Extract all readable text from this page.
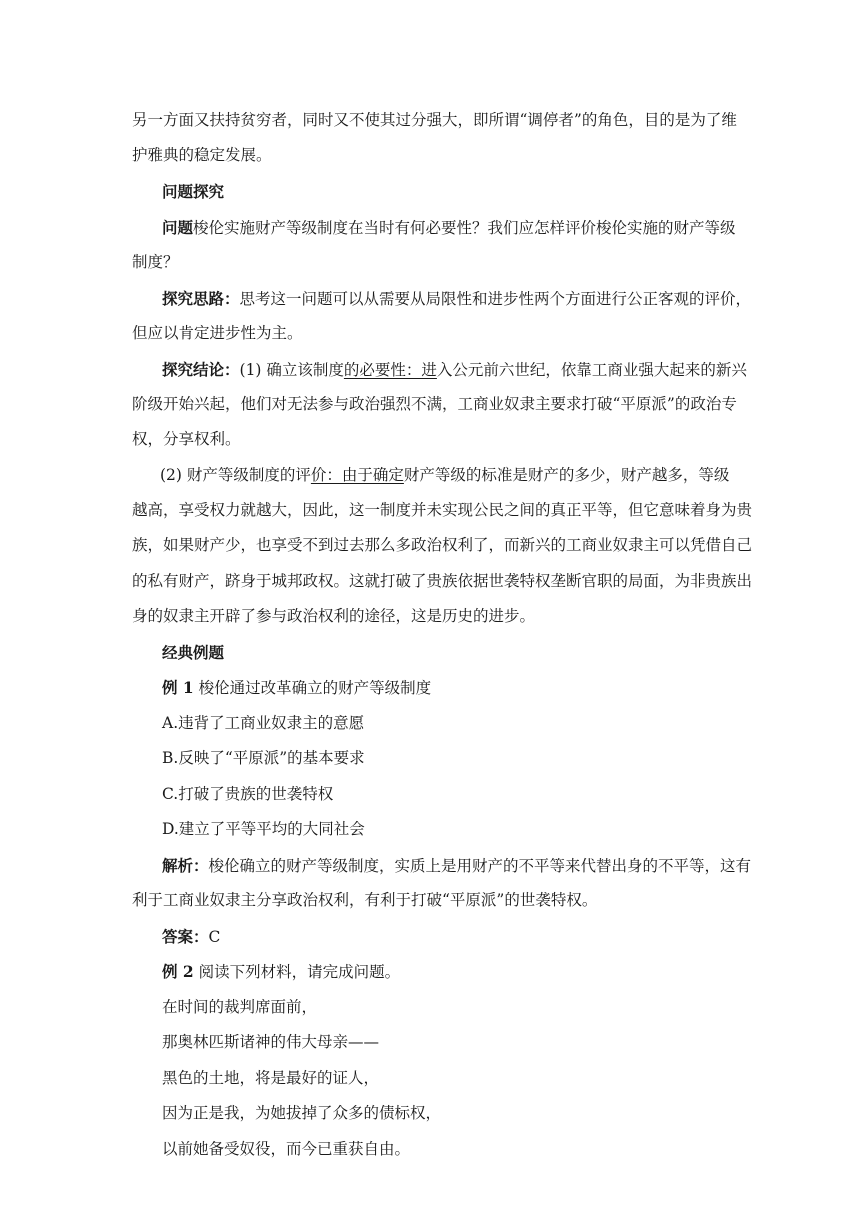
另一方面又扶持贫穷者，同时又不使其过分强大，即所谓“调停者”的角色，目的是为了维

护雅典的稳定发展。

问题探究

问题梭伦实施财产等级制度在当时有何必要性？我们应怎样评价梭伦实施的财产等级

制度？

探究思路：思考这一问题可以从需要从局限性和进步性两个方面进行公正客观的评价，

但应以肯定进步性为主。

探究结论：(1) 确立该制度的必要性：进入公元前六世纪，依靠工商业强大起来的新兴

阶级开始兴起，他们对无法参与政治强烈不满，工商业奴隶主要求打破“平原派”的政治专

权，分享权利。

(2) 财产等级制度的评价：由于确定财产等级的标准是财产的多少，财产越多，等级

越高，享受权力就越大，因此，这一制度并未实现公民之间的真正平等，但它意味着身为贵

族，如果财产少，也享受不到过去那么多政治权利了，而新兴的工商业奴隶主可以凭借自己

的私有财产，跻身于城邦政权。这就打破了贵族依据世袭特权垄断官职的局面，为非贵族出

身的奴隶主开辟了参与政治权利的途径，这是历史的进步。

经典例题

例 1 梭伦通过改革确立的财产等级制度

A.违背了工商业奴隶主的意愿

B.反映了“平原派”的基本要求

C.打破了贵族的世袭特权

D.建立了平等平均的大同社会

解析：梭伦确立的财产等级制度，实质上是用财产的不平等来代替出身的不平等，这有

利于工商业奴隶主分享政治权利，有利于打破“平原派”的世袭特权。

答案：C

例 2 阅读下列材料，请完成问题。

在时间的裁判席面前，

那奥林匹斯诸神的伟大母亲——

黑色的土地，将是最好的证人，

因为正是我，为她拔掉了众多的债标权，

以前她备受奴役，而今已重获自由。
